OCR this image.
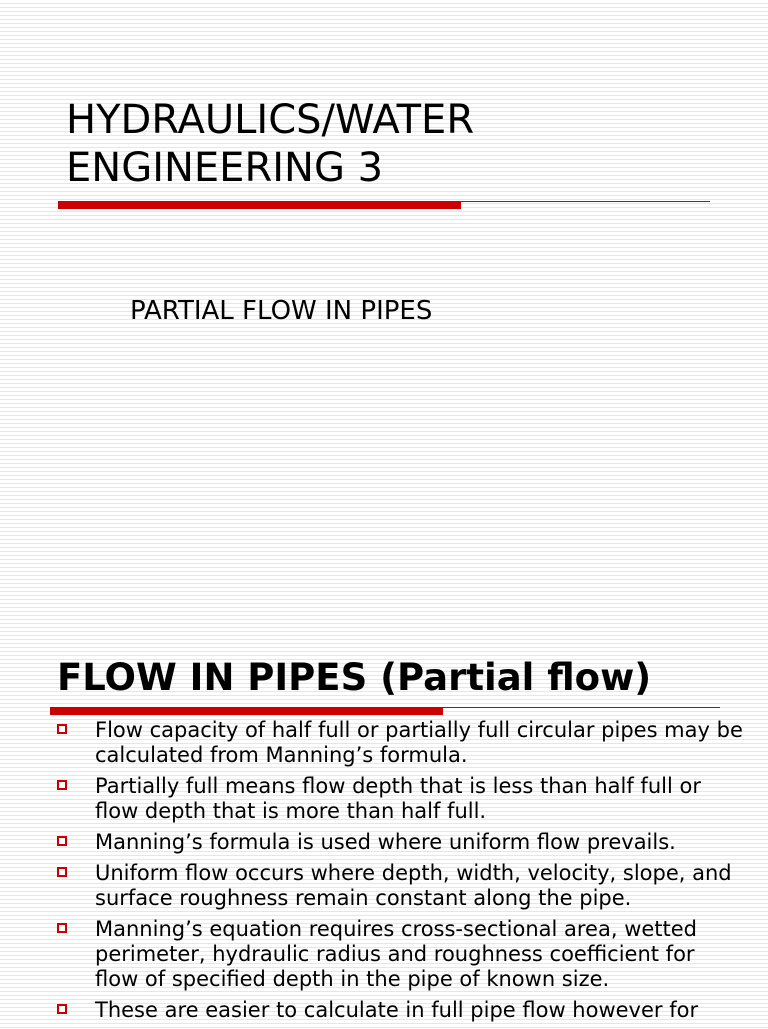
HYDRAULICS/WATER
ENGINEERING 3

PARTIAL FLOW IN PIPES

FLOW IN PIPES (Partial flow)
Flow capacity of half full or partially full circular pipes may be calculated from Manning’s formula.
Partially full means flow depth that is less than half full or flow depth that is more than half full.
Manning’s formula is used where uniform flow prevails.
Uniform flow occurs where depth, width, velocity, slope, and surface roughness remain constant along the pipe.
Manning’s equation requires cross-sectional area, wetted perimeter, hydraulic radius and roughness coefficient for flow of specified depth in the pipe of known size.
These are easier to calculate in full pipe flow however for
